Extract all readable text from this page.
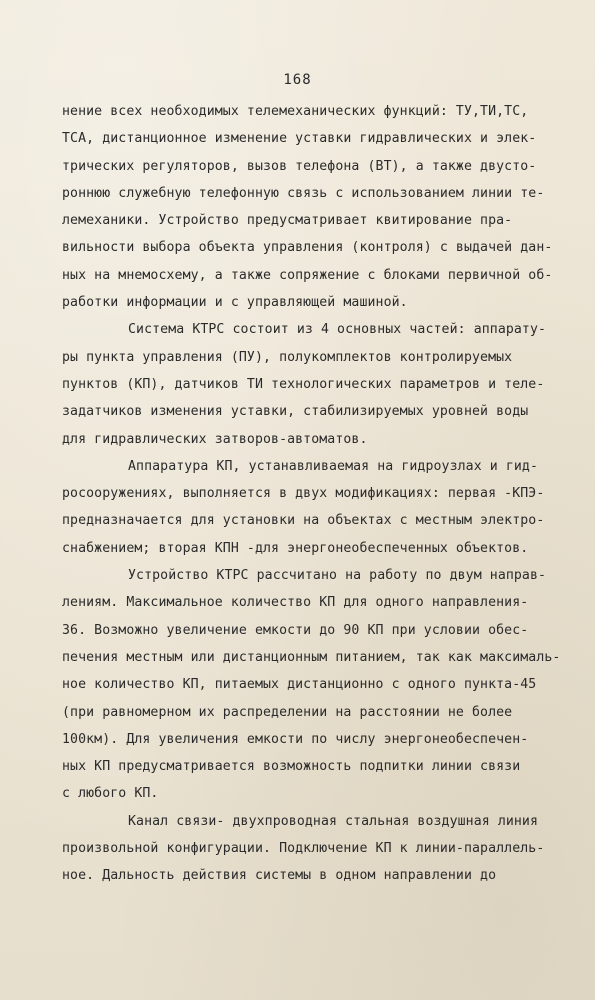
168
нение всех необходимых телемеханических функций: ТУ,ТИ,ТС,
ТСА, дистанционное изменение уставки гидравлических и элек-
трических регуляторов, вызов телефона (ВТ), а также двусто-
роннюю служебную телефонную связь с использованием линии те-
лемеханики. Устройство предусматривает квитирование пра-
вильности выбора объекта управления (контроля) с выдачей дан-
ных на мнемосхему, а также сопряжение с блоками первичной об-
работки информации и с управляющей машиной.
Система КТРС состоит из 4 основных частей: аппарату-
ры пункта управления (ПУ), полукомплектов контролируемых
пунктов (КП), датчиков ТИ технологических параметров и теле-
задатчиков изменения уставки, стабилизируемых уровней воды
для гидравлических затворов-автоматов.
Аппаратура КП, устанавливаемая на гидроузлах и гид-
росооружениях, выполняется в двух модификациях: первая -КПЭ-
предназначается для установки на объектах с местным электро-
снабжением; вторая КПН -для энергонеобеспеченных объектов.
Устройство КТРС рассчитано на работу по двум направ-
лениям. Максимальное количество КП для одного направления-
36. Возможно увеличение емкости до 90 КП при условии обес-
печения местным или дистанционным питанием, так как максималь-
ное количество КП, питаемых дистанционно с одного пункта-45
(при равномерном их распределении на расстоянии не более
100км). Для увеличения емкости по числу энергонеобеспечен-
ных КП предусматривается возможность подпитки линии связи
с любого КП.
Канал связи- двухпроводная стальная воздушная линия
произвольной конфигурации. Подключение КП к линии-параллель-
ное. Дальность действия системы в одном направлении до
